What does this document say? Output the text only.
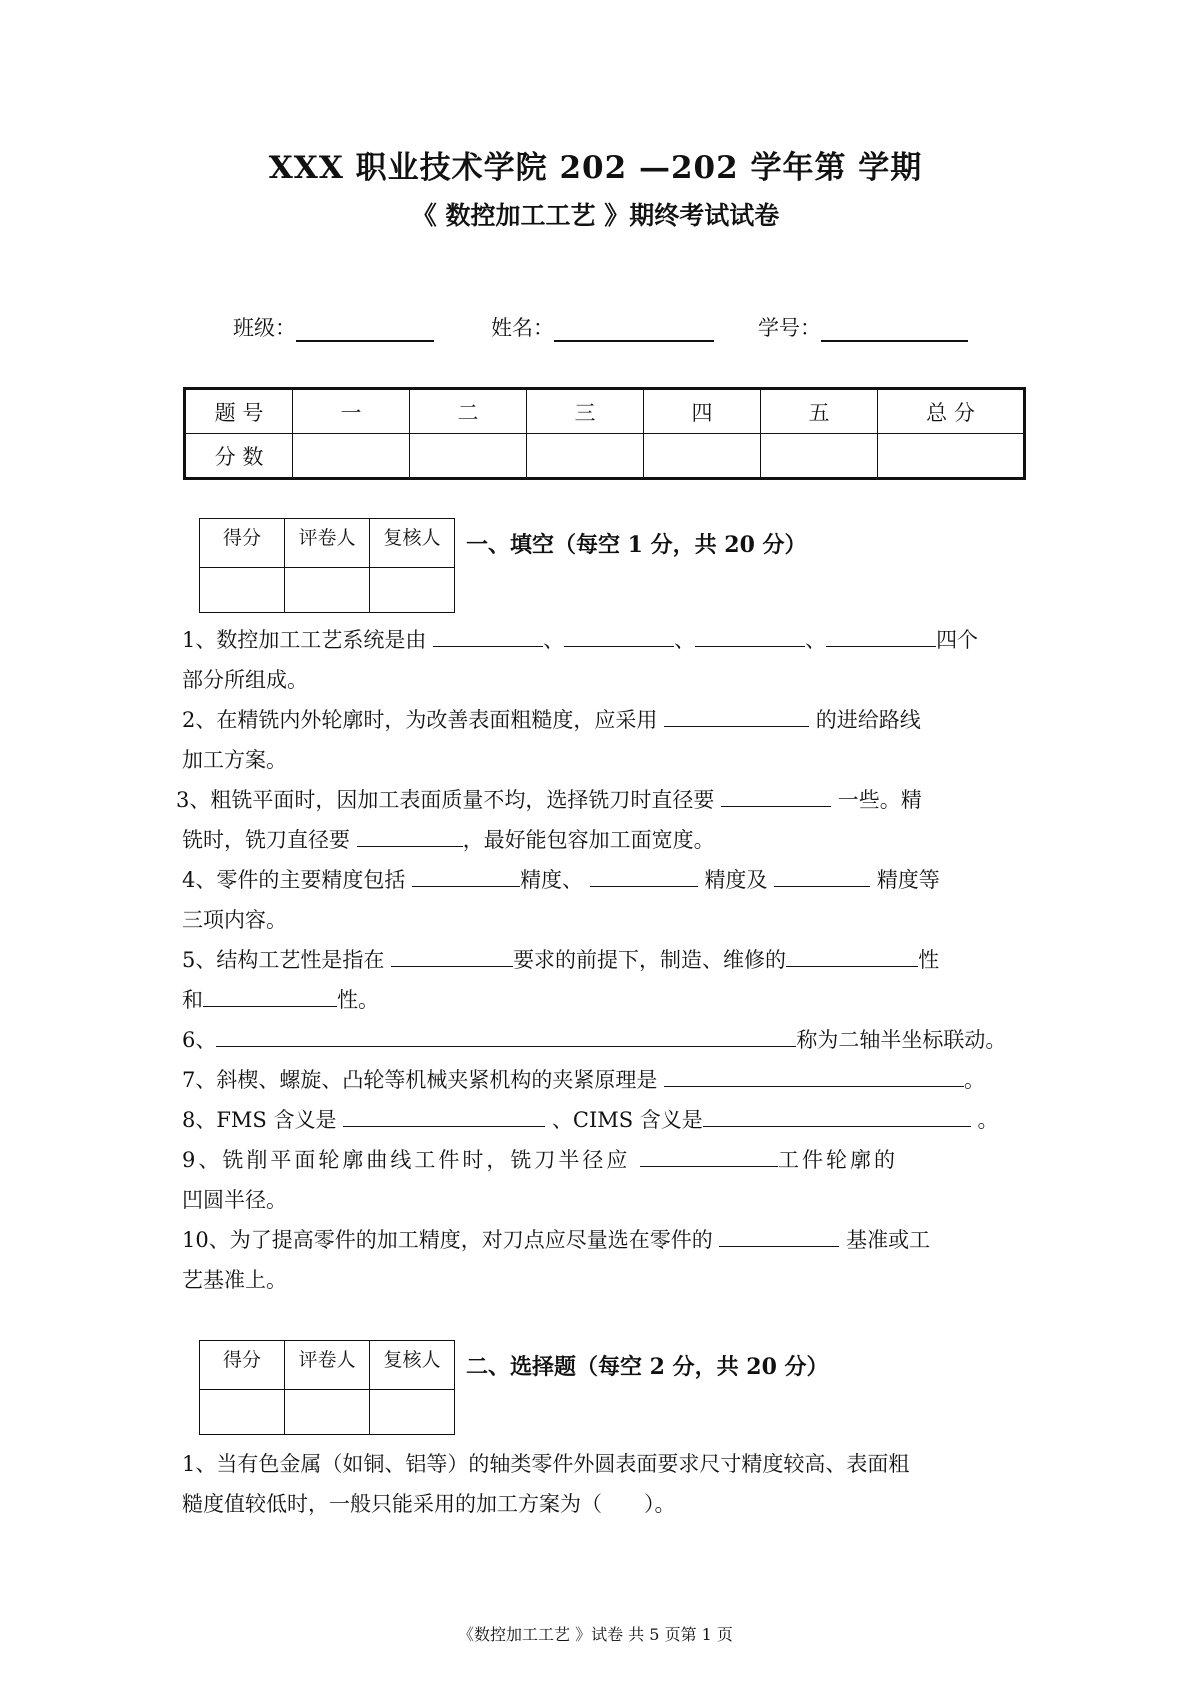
XXX 职业技术学院 202 —202 学年第 学期
《 数控加工工艺 》期终考试试卷
班级：	姓名：	学号：
题 号	一	二	三	四	五	总 分
分 数						
得分	评卷人	复核人
		一、填空（每空 1 分，共 20 分）
1、数控加工工艺系统是由	、	、	、	四个
部分所组成。
2、在精铣内外轮廓时，为改善表面粗糙度，应采用	的进给路线
加工方案。
3、粗铣平面时，因加工表面质量不均，选择铣刀时直径要	一些。精
铣时，铣刀直径要	，最好能包容加工面宽度。
4、零件的主要精度包括	精度、	精度及	精度等
三项内容。
5、结构工艺性是指在	要求的前提下，制造、维修的	性
和	性。
6、	称为二轴半坐标联动。
7、斜楔、螺旋、凸轮等机械夹紧机构的夹紧原理是	。
8、FMS 含义是	、CIMS 含义是	。
9、铣削平面轮廓曲线工件时，铣刀半径应	工件轮廓的
凹圆半径。
10、为了提高零件的加工精度，对刀点应尽量选在零件的	基准或工
艺基准上。
得分	评卷人	复核人
		二、选择题（每空 2 分，共 20 分）
1、当有色金属（如铜、铝等）的轴类零件外圆表面要求尺寸精度较高、表面粗
糙度值较低时，一般只能采用的加工方案为（　　）。
《数控加工工艺 》试卷 共 5 页第 1 页
